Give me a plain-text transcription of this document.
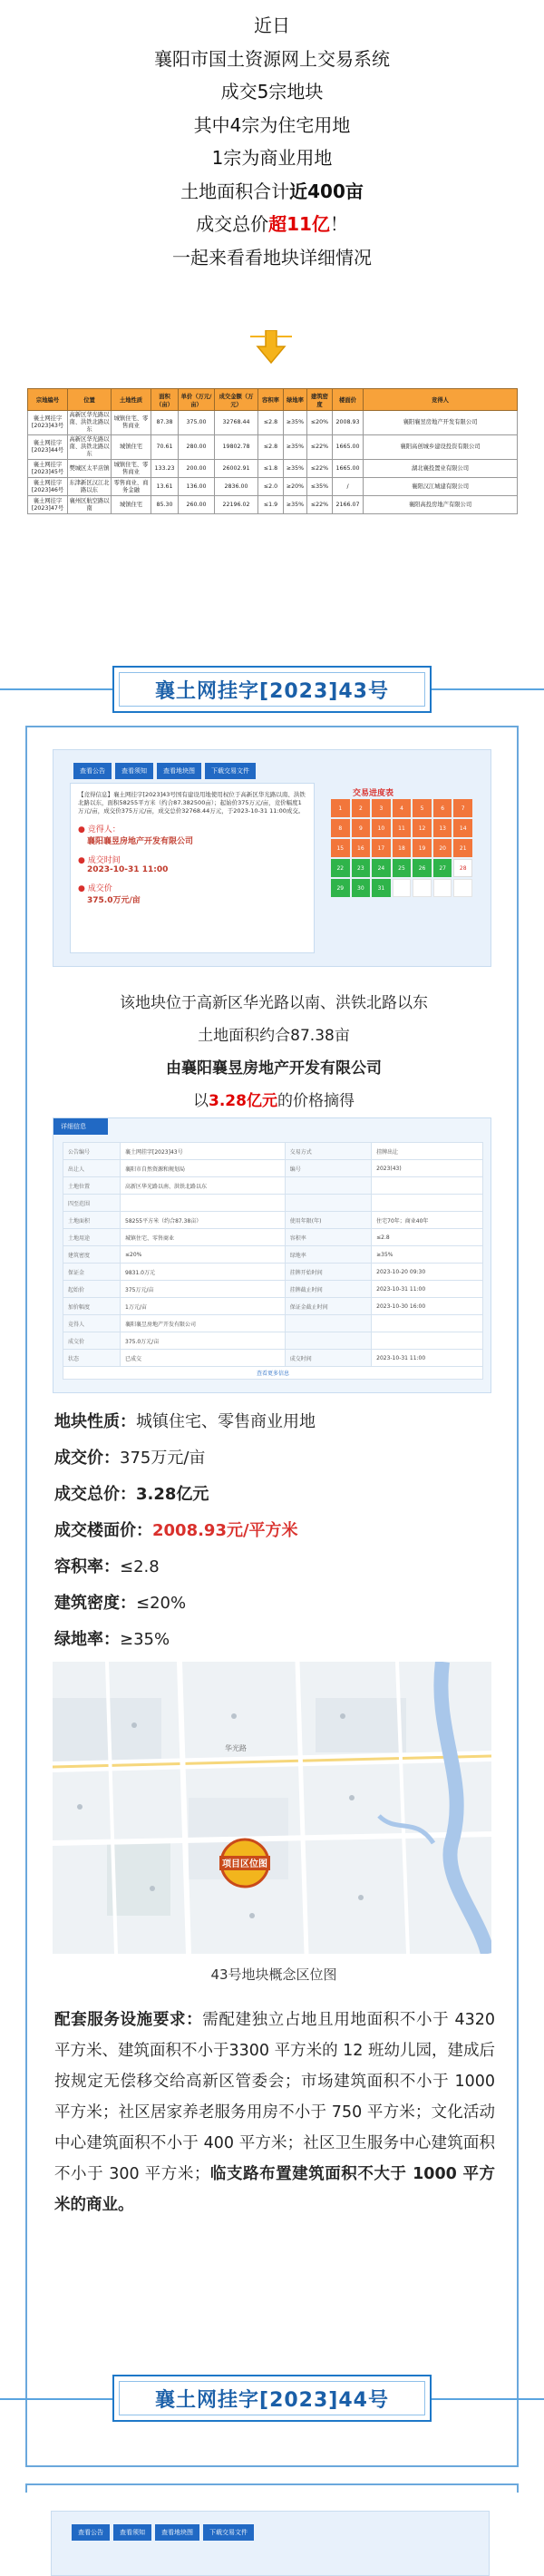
近日

襄阳市国土资源网上交易系统

成交5宗地块

其中4宗为住宅用地

1宗为商业用地

土地面积合计近400亩

成交总价超11亿！

一起来看看地块详细情况

宗地编号	位置	土地性质	面积（亩）	单价（万元/亩）	成交金额（万元）	容积率	绿地率	建筑密度	楼面价	竞得人
襄土网挂字[2023]43号	高新区华光路以南、洪铁北路以东	城镇住宅、零售商业	87.38	375.00	32768.44	≤2.8	≥35%	≤20%	2008.93	襄阳襄昱房地产开发有限公司
襄土网挂字[2023]44号	高新区华光路以南、洪铁北路以东	城镇住宅	70.61	280.00	19802.78	≤2.8	≥35%	≤22%	1665.00	襄阳高创城乡建设投资有限公司
襄土网挂字[2023]45号	樊城区太平店镇	城镇住宅、零售商业	133.23	200.00	26002.91	≤1.8	≥35%	≤22%	1665.00	湖北襄投置业有限公司
襄土网挂字[2023]46号	东津新区汉江北路以东	零售商业、商务金融	13.61	136.00	2836.00	≤2.0	≥20%	≤35%	/	襄阳汉江城建有限公司
襄土网挂字[2023]47号	襄州区航空路以南	城镇住宅	85.30	260.00	22196.02	≤1.9	≥35%	≤22%	2166.07	襄阳高投房地产有限公司
襄土网挂字[2023]43号
查看公告	查看须知	查看地块图	下载交易文件
【竞得信息】襄土网挂字[2023]43号国有建设用地使用权位于高新区华光路以南、洪铁北路以东，面积58255平方米（约合87.382500亩）；起始价375万元/亩，竞价幅度1万元/亩，成交价375万元/亩，成交总价32768.44万元，于2023-10-31 11:00成交。
● 竞得人：
襄阳襄昱房地产开发有限公司
● 成交时间
2023-10-31 11:00
● 成交价
375.0万元/亩
交易进度表
1	2	3	4	5	6	7
8	9	10	11	12	13	14
15	16	17	18	19	20	21
22	23	24	25	26	27	28
29	30	31
该地块位于高新区华光路以南、洪铁北路以东
土地面积约合87.38亩
由襄阳襄昱房地产开发有限公司
以3.28亿元的价格摘得
详细信息
公告编号	襄土网挂字[2023]43号	交易方式	挂牌出让
出让人	襄阳市自然资源和规划局	编号	2023(43)
土地位置	高新区华光路以南、洪铁北路以东		
四至范围			
土地面积	58255平方米（约合87.38亩）	使用年限(年)	住宅70年；商业40年
土地用途	城镇住宅、零售商业	容积率	≤2.8
建筑密度	≤20%	绿地率	≥35%
保证金	9831.0万元	挂牌开始时间	2023-10-20 09:30
起始价	375万元/亩	挂牌截止时间	2023-10-31 11:00
加价幅度	1万元/亩	保证金截止时间	2023-10-30 16:00
竞得人	襄阳襄昱房地产开发有限公司		
成交价	375.0万元/亩		
状态	已成交	成交时间	2023-10-31 11:00
查看更多信息			

地块性质：城镇住宅、零售商业用地

成交价：375万元/亩

成交总价：3.28亿元

成交楼面价：2008.93元/平方米

容积率：≤2.8

建筑密度：≤20%

绿地率：≥35%

华光路
项目区位图
43号地块概念区位图
配套服务设施要求：需配建独立占地且用地面积不小于 4320 平方米、建筑面积不小于3300 平方米的 12 班幼儿园，建成后按规定无偿移交给高新区管委会；市场建筑面积不小于 1000 平方米；社区居家养老服务用房不小于 750 平方米；文化活动中心建筑面积不小于 400 平方米；社区卫生服务中心建筑面积不小于 300 平方米；临支路布置建筑面积不大于 1000 平方米的商业。
襄土网挂字[2023]44号
查看公告	查看须知	查看地块图	下载交易文件
